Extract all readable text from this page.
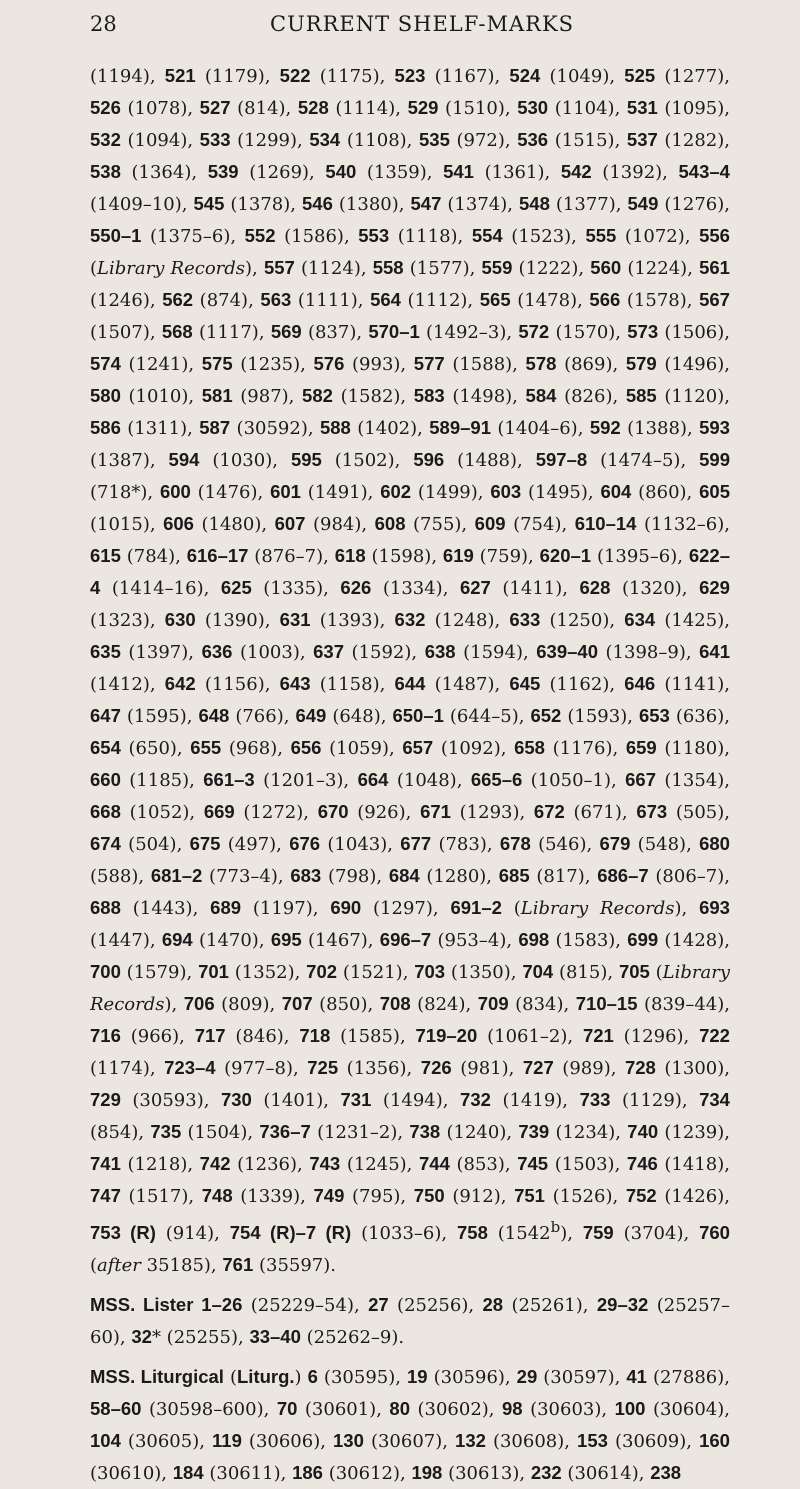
28	CURRENT SHELF-MARKS

(1194), 521 (1179), 522 (1175), 523 (1167), 524 (1049), 525 (1277), 526 (1078), 527 (814), 528 (1114), 529 (1510), 530 (1104), 531 (1095), 532 (1094), 533 (1299), 534 (1108), 535 (972), 536 (1515), 537 (1282), 538 (1364), 539 (1269), 540 (1359), 541 (1361), 542 (1392), 543–4 (1409–10), 545 (1378), 546 (1380), 547 (1374), 548 (1377), 549 (1276), 550–1 (1375–6), 552 (1586), 553 (1118), 554 (1523), 555 (1072), 556 (Library Records), 557 (1124), 558 (1577), 559 (1222), 560 (1224), 561 (1246), 562 (874), 563 (1111), 564 (1112), 565 (1478), 566 (1578), 567 (1507), 568 (1117), 569 (837), 570–1 (1492–3), 572 (1570), 573 (1506), 574 (1241), 575 (1235), 576 (993), 577 (1588), 578 (869), 579 (1496), 580 (1010), 581 (987), 582 (1582), 583 (1498), 584 (826), 585 (1120), 586 (1311), 587 (30592), 588 (1402), 589–91 (1404–6), 592 (1388), 593 (1387), 594 (1030), 595 (1502), 596 (1488), 597–8 (1474–5), 599 (718*), 600 (1476), 601 (1491), 602 (1499), 603 (1495), 604 (860), 605 (1015), 606 (1480), 607 (984), 608 (755), 609 (754), 610–14 (1132–6), 615 (784), 616–17 (876–7), 618 (1598), 619 (759), 620–1 (1395–6), 622–4 (1414–16), 625 (1335), 626 (1334), 627 (1411), 628 (1320), 629 (1323), 630 (1390), 631 (1393), 632 (1248), 633 (1250), 634 (1425), 635 (1397), 636 (1003), 637 (1592), 638 (1594), 639–40 (1398–9), 641 (1412), 642 (1156), 643 (1158), 644 (1487), 645 (1162), 646 (1141), 647 (1595), 648 (766), 649 (648), 650–1 (644–5), 652 (1593), 653 (636), 654 (650), 655 (968), 656 (1059), 657 (1092), 658 (1176), 659 (1180), 660 (1185), 661–3 (1201–3), 664 (1048), 665–6 (1050–1), 667 (1354), 668 (1052), 669 (1272), 670 (926), 671 (1293), 672 (671), 673 (505), 674 (504), 675 (497), 676 (1043), 677 (783), 678 (546), 679 (548), 680 (588), 681–2 (773–4), 683 (798), 684 (1280), 685 (817), 686–7 (806–7), 688 (1443), 689 (1197), 690 (1297), 691–2 (Library Records), 693 (1447), 694 (1470), 695 (1467), 696–7 (953–4), 698 (1583), 699 (1428), 700 (1579), 701 (1352), 702 (1521), 703 (1350), 704 (815), 705 (Library Records), 706 (809), 707 (850), 708 (824), 709 (834), 710–15 (839–44), 716 (966), 717 (846), 718 (1585), 719–20 (1061–2), 721 (1296), 722 (1174), 723–4 (977–8), 725 (1356), 726 (981), 727 (989), 728 (1300), 729 (30593), 730 (1401), 731 (1494), 732 (1419), 733 (1129), 734 (854), 735 (1504), 736–7 (1231–2), 738 (1240), 739 (1234), 740 (1239), 741 (1218), 742 (1236), 743 (1245), 744 (853), 745 (1503), 746 (1418), 747 (1517), 748 (1339), 749 (795), 750 (912), 751 (1526), 752 (1426), 753 (R) (914), 754 (R)–7 (R) (1033–6), 758 (1542$^b$), 759 (3704), 760 (after 35185), 761 (35597).

MSS. Lister 1–26 (25229–54), 27 (25256), 28 (25261), 29–32 (25257–60), 32* (25255), 33–40 (25262–9).

MSS. Liturgical (Liturg.) 6 (30595), 19 (30596), 29 (30597), 41 (27886), 58–60 (30598–600), 70 (30601), 80 (30602), 98 (30603), 100 (30604), 104 (30605), 119 (30606), 130 (30607), 132 (30608), 153 (30609), 160 (30610), 184 (30611), 186 (30612), 198 (30613), 232 (30614), 238
